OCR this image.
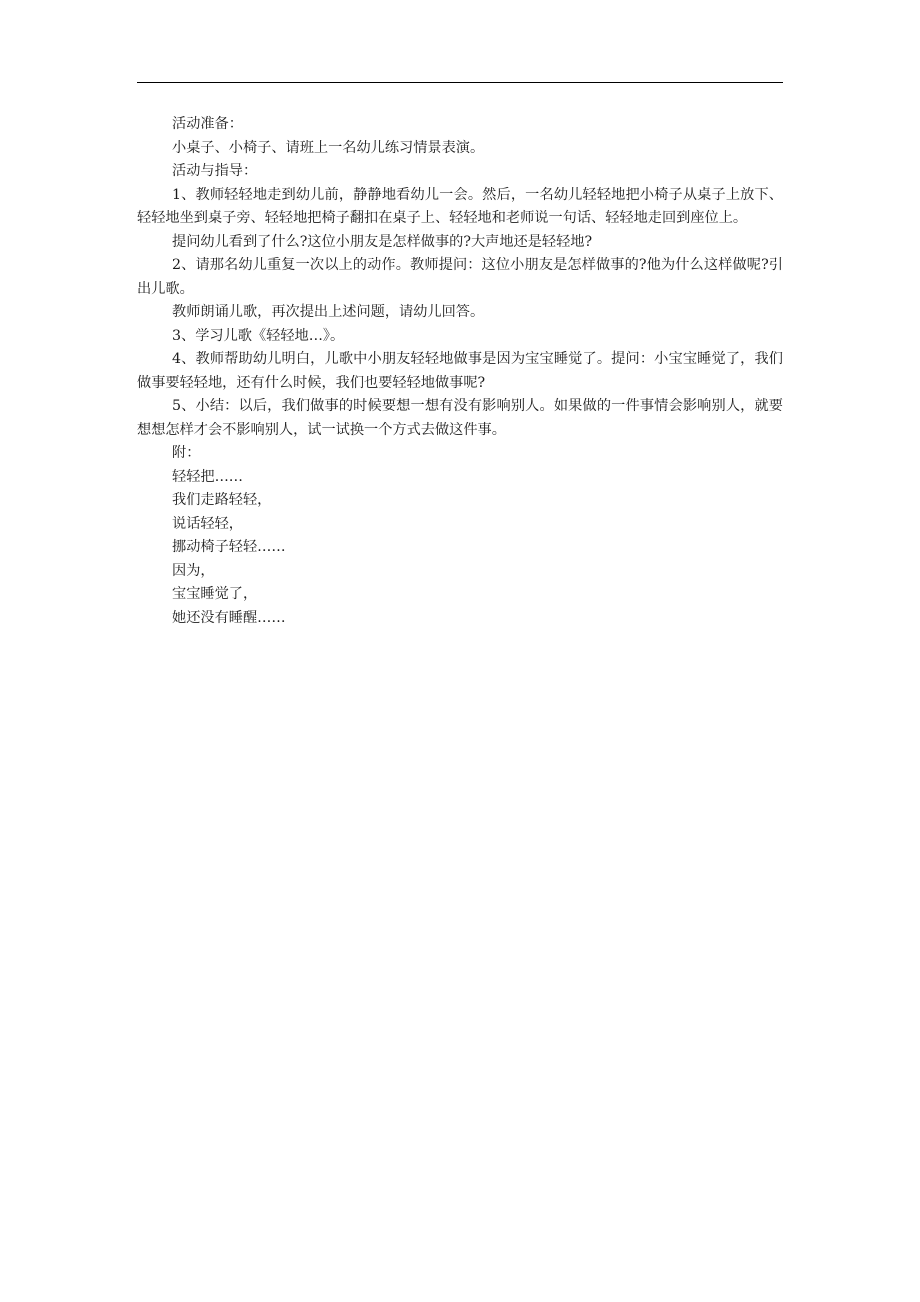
活动准备：

小桌子、小椅子、请班上一名幼儿练习情景表演。

活动与指导：

1、教师轻轻地走到幼儿前，静静地看幼儿一会。然后，一名幼儿轻轻地把小椅子从桌子上放下、轻轻地坐到桌子旁、轻轻地把椅子翻扣在桌子上、轻轻地和老师说一句话、轻轻地走回到座位上。

提问幼儿看到了什么?这位小朋友是怎样做事的?大声地还是轻轻地?

2、请那名幼儿重复一次以上的动作。教师提问：这位小朋友是怎样做事的?他为什么这样做呢?引出儿歌。

教师朗诵儿歌，再次提出上述问题，请幼儿回答。

3、学习儿歌《轻轻地…》。

4、教师帮助幼儿明白，儿歌中小朋友轻轻地做事是因为宝宝睡觉了。提问：小宝宝睡觉了，我们做事要轻轻地，还有什么时候，我们也要轻轻地做事呢?

5、小结：以后，我们做事的时候要想一想有没有影响别人。如果做的一件事情会影响别人，就要想想怎样才会不影响别人，试一试换一个方式去做这件事。

附：

轻轻把……

我们走路轻轻，

说话轻轻，

挪动椅子轻轻……

因为，

宝宝睡觉了，

她还没有睡醒……
